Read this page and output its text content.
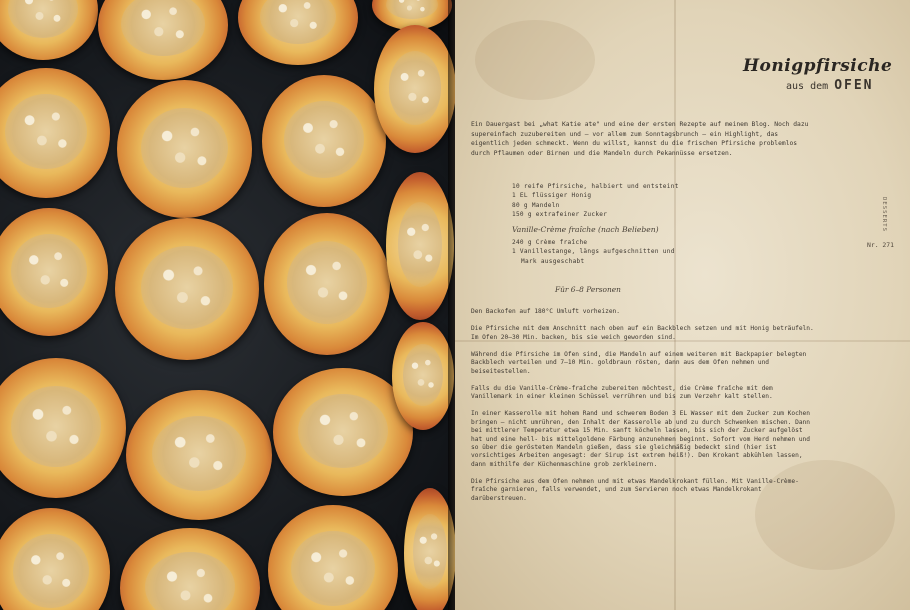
Honigpfirsiche
aus dem OFEN
Ein Dauergast bei „what Katie ate" und eine der ersten Rezepte auf meinem Blog. Noch dazu supereinfach zuzubereiten und – vor allem zum Sonntagsbrunch – ein Highlight, das eigentlich jeden schmeckt. Wenn du willst, kannst du die frischen Pfirsiche problemlos durch Pflaumen oder Birnen und die Mandeln durch Pekannüsse ersetzen.
10 reife Pfirsiche, halbiert und entsteint
1 EL flüssiger Honig
80 g Mandeln
150 g extrafeiner Zucker
Vanille-Crème fraîche (nach Belieben)
240 g Crème fraîche
1 Vanillestange, längs aufgeschnitten und
Mark ausgeschabt
Für 6–8 Personen

Den Backofen auf 180°C Umluft vorheizen.

Die Pfirsiche mit dem Anschnitt nach oben auf ein Backblech setzen und mit Honig beträufeln. Im Ofen 20–30 Min. backen, bis sie weich geworden sind.

Während die Pfirsiche im Ofen sind, die Mandeln auf einem weiteren mit Backpapier belegten Backblech verteilen und 7–10 Min. goldbraun rösten, dann aus dem Ofen nehmen und beiseitestellen.

Falls du die Vanille-Crème-fraîche zubereiten möchtest, die Crème fraîche mit dem Vanillemark in einer kleinen Schüssel verrühren und bis zum Verzehr kalt stellen.

In einer Kasserolle mit hohem Rand und schwerem Boden 3 EL Wasser mit dem Zucker zum Kochen bringen – nicht umrühren, den Inhalt der Kasserolle ab und zu durch Schwenken mischen. Dann bei mittlerer Temperatur etwa 15 Min. sanft köcheln lassen, bis sich der Zucker aufgelöst hat und eine hell- bis mittelgoldene Färbung anzunehmen beginnt. Sofort vom Herd nehmen und so über die gerösteten Mandeln gießen, dass sie gleichmäßig bedeckt sind (hier ist vorsichtiges Arbeiten angesagt: der Sirup ist extrem heiß!). Den Krokant abkühlen lassen, dann mithilfe der Küchenmaschine grob zerkleinern.

Die Pfirsiche aus dem Ofen nehmen und mit etwas Mandelkrokant füllen. Mit Vanille-Crème-fraîche garnieren, falls verwendet, und zum Servieren noch etwas Mandelkrokant darüberstreuen.

DESSERTS
Nr. 271
